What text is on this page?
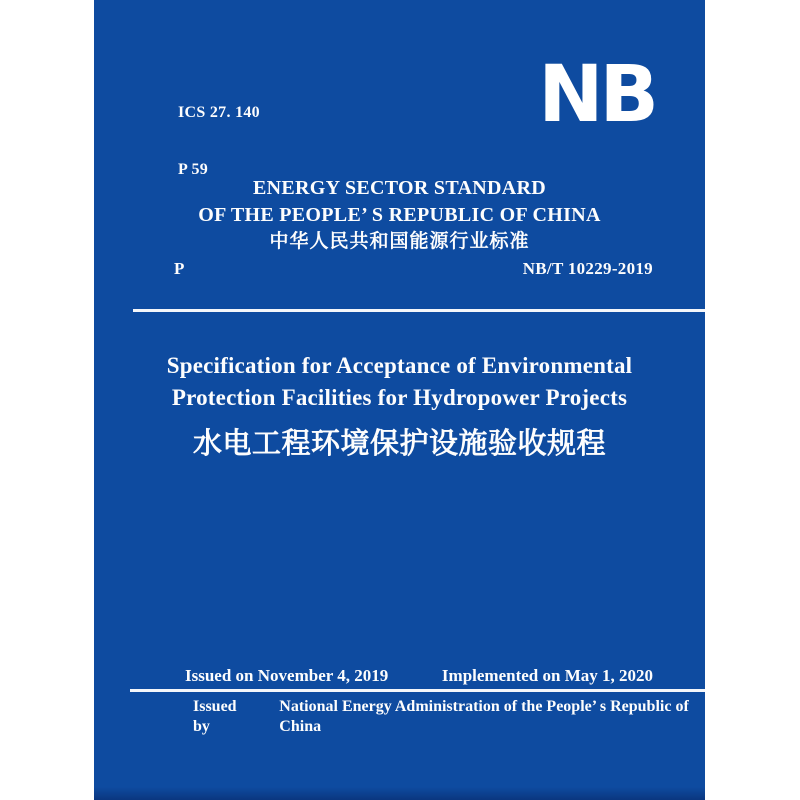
ICS 27. 140

P 59

NB
ENERGY SECTOR STANDARD
OF THE PEOPLE’ S REPUBLIC OF CHINA
中华人民共和国能源行业标准
P	NB/T 10229-2019
Specification for Acceptance of Environmental
Protection Facilities for Hydropower Projects
水电工程环境保护设施验收规程
Issued on November 4, 2019	Implemented on May 1, 2020
Issued by
National Energy Administration of the People’ s Republic of China
